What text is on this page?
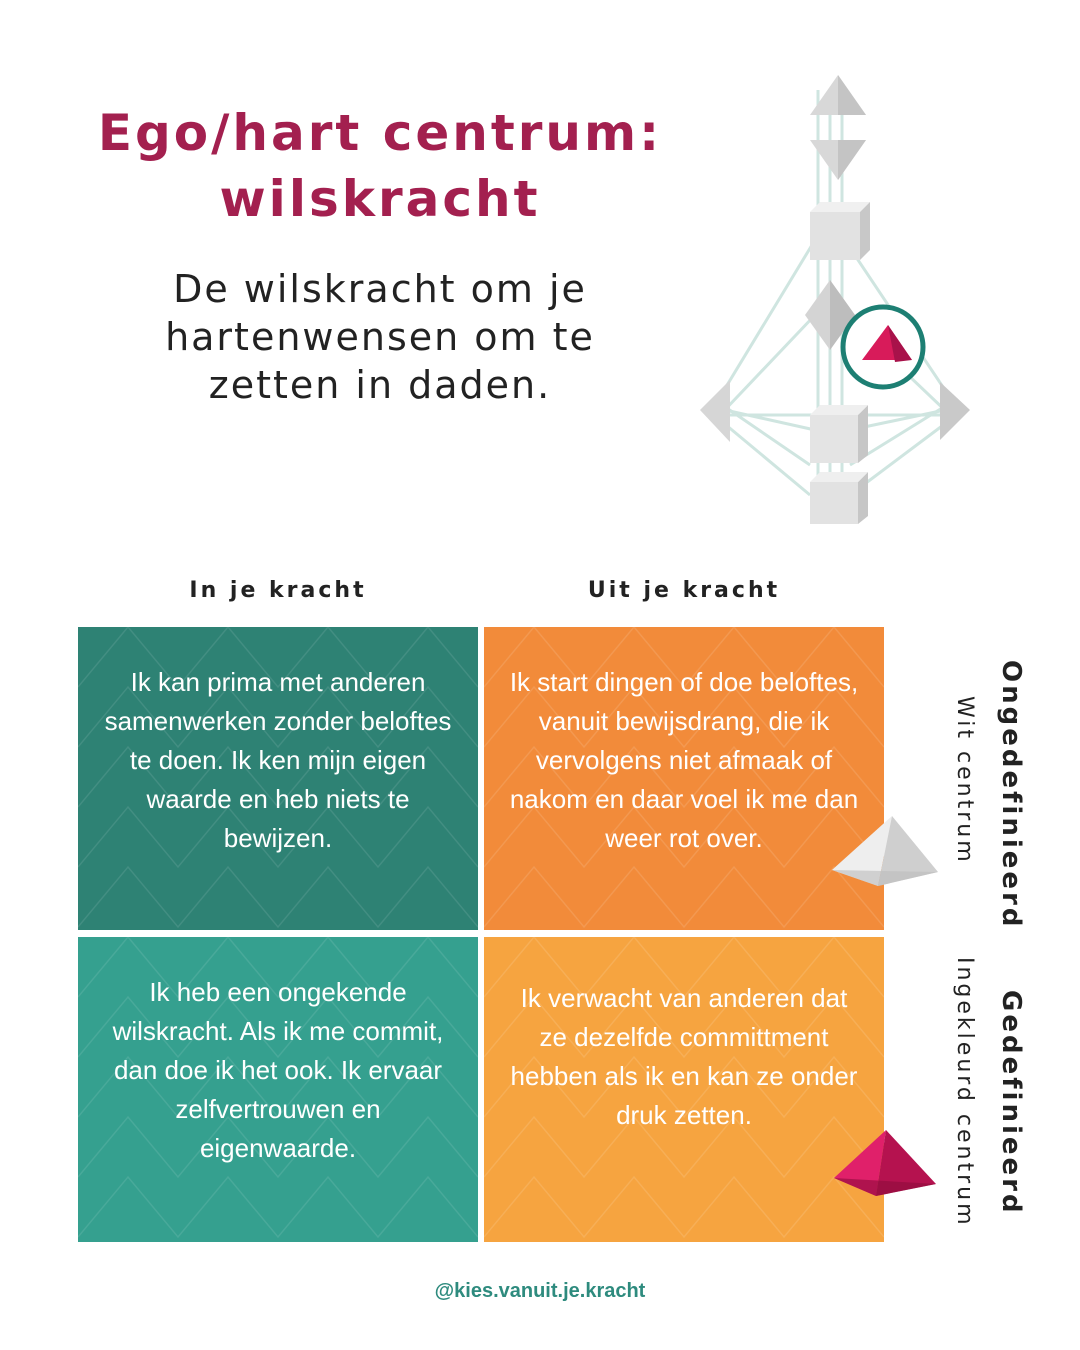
Ego/hart centrum:
wilskracht

De wilskracht om je hartenwensen om te zetten in daden.

In je kracht	Uit je kracht

Ik kan prima met anderen samenwerken zonder beloftes te doen. Ik ken mijn eigen waarde en heb niets te bewijzen.

Ik start dingen of doe beloftes, vanuit bewijsdrang, die ik vervolgens niet afmaak of nakom en daar voel ik me dan weer rot over.

Ik heb een ongekende wilskracht. Als ik me commit, dan doe ik het ook. Ik ervaar zelfvertrouwen en eigenwaarde.

Ik verwacht van anderen dat ze dezelfde committment hebben als ik en kan ze onder druk zetten.

Ongedefinieerd
Wit centrum
Gedefinieerd
Ingekleurd centrum
@kies.vanuit.je.kracht
